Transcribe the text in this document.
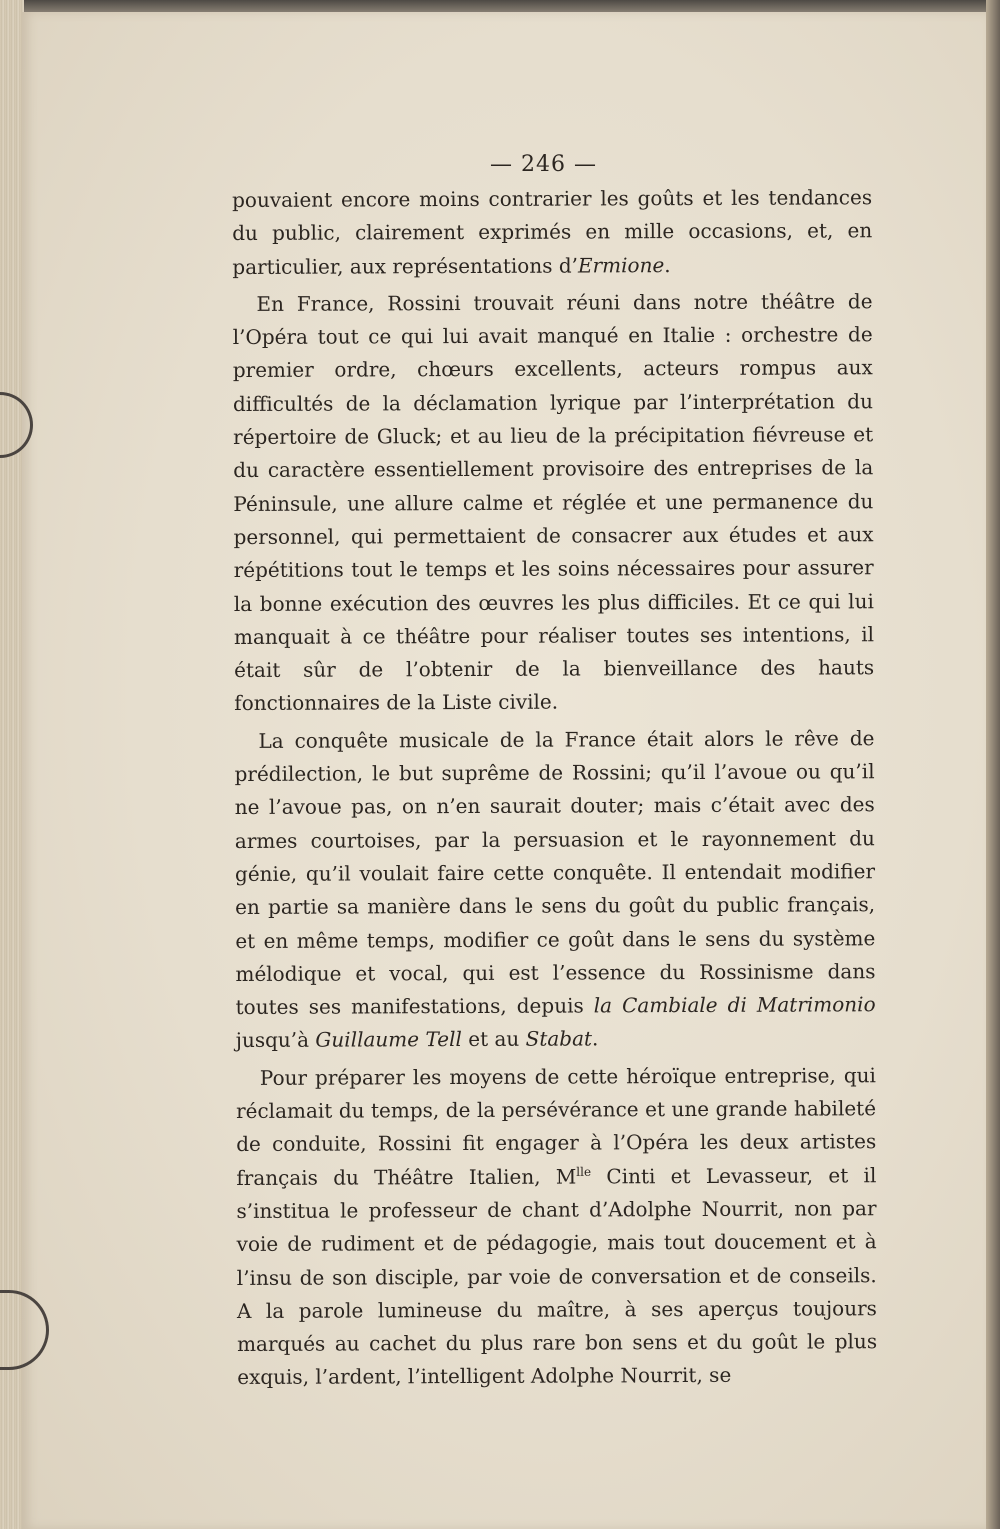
— 246 —

pouvaient encore moins contrarier les goûts et les tendances du public, clairement exprimés en mille occasions, et, en particulier, aux représentations d’Ermione.

En France, Rossini trouvait réuni dans notre théâtre de l’Opéra tout ce qui lui avait manqué en Italie : orchestre de premier ordre, chœurs excellents, acteurs rompus aux difficultés de la déclamation lyrique par l’interprétation du répertoire de Gluck; et au lieu de la précipitation fiévreuse et du caractère essentiellement provisoire des entreprises de la Péninsule, une allure calme et réglée et une permanence du personnel, qui permettaient de consacrer aux études et aux répétitions tout le temps et les soins nécessaires pour assurer la bonne exécution des œuvres les plus difficiles. Et ce qui lui manquait à ce théâtre pour réaliser toutes ses intentions, il était sûr de l’obtenir de la bienveillance des hauts fonctionnaires de la Liste civile.

La conquête musicale de la France était alors le rêve de prédilection, le but suprême de Rossini; qu’il l’avoue ou qu’il ne l’avoue pas, on n’en saurait douter; mais c’était avec des armes courtoises, par la persuasion et le rayonnement du génie, qu’il voulait faire cette conquête. Il entendait modifier en partie sa manière dans le sens du goût du public français, et en même temps, modifier ce goût dans le sens du système mélodique et vocal, qui est l’essence du Rossinisme dans toutes ses manifestations, depuis la Cambiale di Matrimonio jusqu’à Guillaume Tell et au Stabat.

Pour préparer les moyens de cette héroïque entreprise, qui réclamait du temps, de la persévérance et une grande habileté de conduite, Rossini fit engager à l’Opéra les deux artistes français du Théâtre Italien, $M^{lle}$ Cinti et Levasseur, et il s’institua le professeur de chant d’Adolphe Nourrit, non par voie de rudiment et de pédagogie, mais tout doucement et à l’insu de son disciple, par voie de conversation et de conseils. A la parole lumineuse du maître, à ses aperçus toujours marqués au cachet du plus rare bon sens et du goût le plus exquis, l’ardent, l’intelligent Adolphe Nourrit, se
